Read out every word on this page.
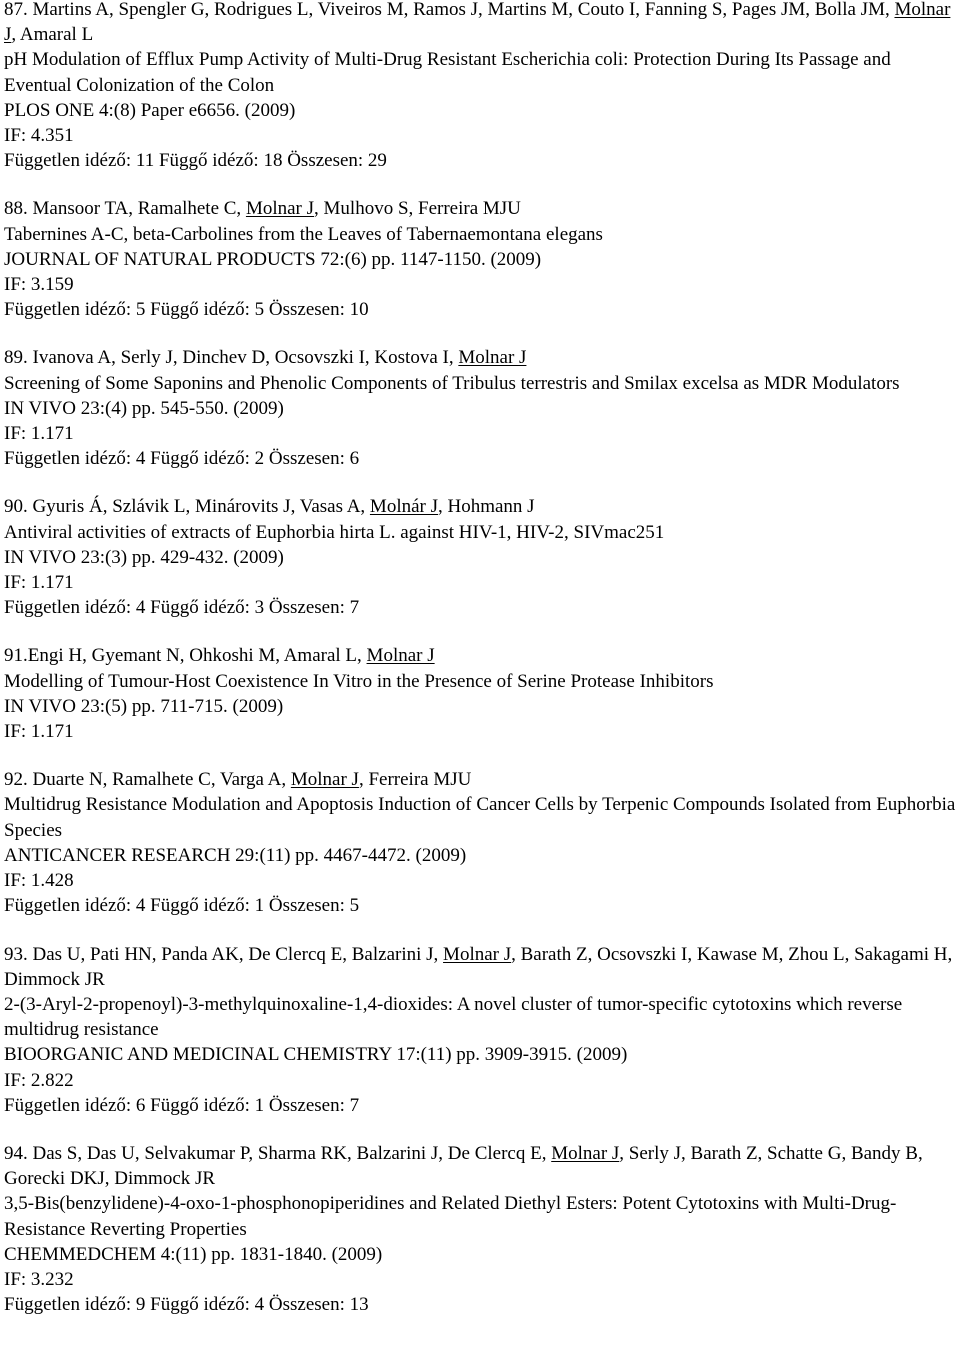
87. Martins A, Spengler G, Rodrigues L, Viveiros M, Ramos J, Martins M, Couto I, Fanning S, Pages JM, Bolla JM, Molnar J, Amaral L
pH Modulation of Efflux Pump Activity of Multi-Drug Resistant Escherichia coli: Protection During Its Passage and Eventual Colonization of the Colon
PLOS ONE 4:(8) Paper e6656. (2009)
IF: 4.351
Független idéző: 11 Függő idéző: 18 Összesen: 29
88. Mansoor TA, Ramalhete C, Molnar J, Mulhovo S, Ferreira MJU
Tabernines A-C, beta-Carbolines from the Leaves of Tabernaemontana elegans
JOURNAL OF NATURAL PRODUCTS 72:(6) pp. 1147-1150. (2009)
IF: 3.159
Független idéző: 5 Függő idéző: 5 Összesen: 10
89. Ivanova A, Serly J, Dinchev D, Ocsovszki I, Kostova I, Molnar J
Screening of Some Saponins and Phenolic Components of Tribulus terrestris and Smilax excelsa as MDR Modulators
IN VIVO 23:(4) pp. 545-550. (2009)
IF: 1.171
Független idéző: 4 Függő idéző: 2 Összesen: 6
90. Gyuris Á, Szlávik L, Minárovits J, Vasas A, Molnár J, Hohmann J
Antiviral activities of extracts of Euphorbia hirta L. against HIV-1, HIV-2, SIVmac251
IN VIVO 23:(3) pp. 429-432. (2009)
IF: 1.171
Független idéző: 4 Függő idéző: 3 Összesen: 7
91.Engi H, Gyemant N, Ohkoshi M, Amaral L, Molnar J
Modelling of Tumour-Host Coexistence In Vitro in the Presence of Serine Protease Inhibitors
IN VIVO 23:(5) pp. 711-715. (2009)
IF: 1.171
92. Duarte N, Ramalhete C, Varga A, Molnar J, Ferreira MJU
Multidrug Resistance Modulation and Apoptosis Induction of Cancer Cells by Terpenic Compounds Isolated from Euphorbia Species
ANTICANCER RESEARCH 29:(11) pp. 4467-4472. (2009)
IF: 1.428
Független idéző: 4 Függő idéző: 1 Összesen: 5
93. Das U, Pati HN, Panda AK, De Clercq E, Balzarini J, Molnar J, Barath Z, Ocsovszki I, Kawase M, Zhou L, Sakagami H, Dimmock JR
2-(3-Aryl-2-propenoyl)-3-methylquinoxaline-1,4-dioxides: A novel cluster of tumor-specific cytotoxins which reverse multidrug resistance
BIOORGANIC AND MEDICINAL CHEMISTRY 17:(11) pp. 3909-3915. (2009)
IF: 2.822
Független idéző: 6 Függő idéző: 1 Összesen: 7
94. Das S, Das U, Selvakumar P, Sharma RK, Balzarini J, De Clercq E, Molnar J, Serly J, Barath Z, Schatte G, Bandy B, Gorecki DKJ, Dimmock JR
3,5-Bis(benzylidene)-4-oxo-1-phosphonopiperidines and Related Diethyl Esters: Potent Cytotoxins with Multi-Drug-Resistance Reverting Properties
CHEMMEDCHEM 4:(11) pp. 1831-1840. (2009)
IF: 3.232
Független idéző: 9 Függő idéző: 4 Összesen: 13
